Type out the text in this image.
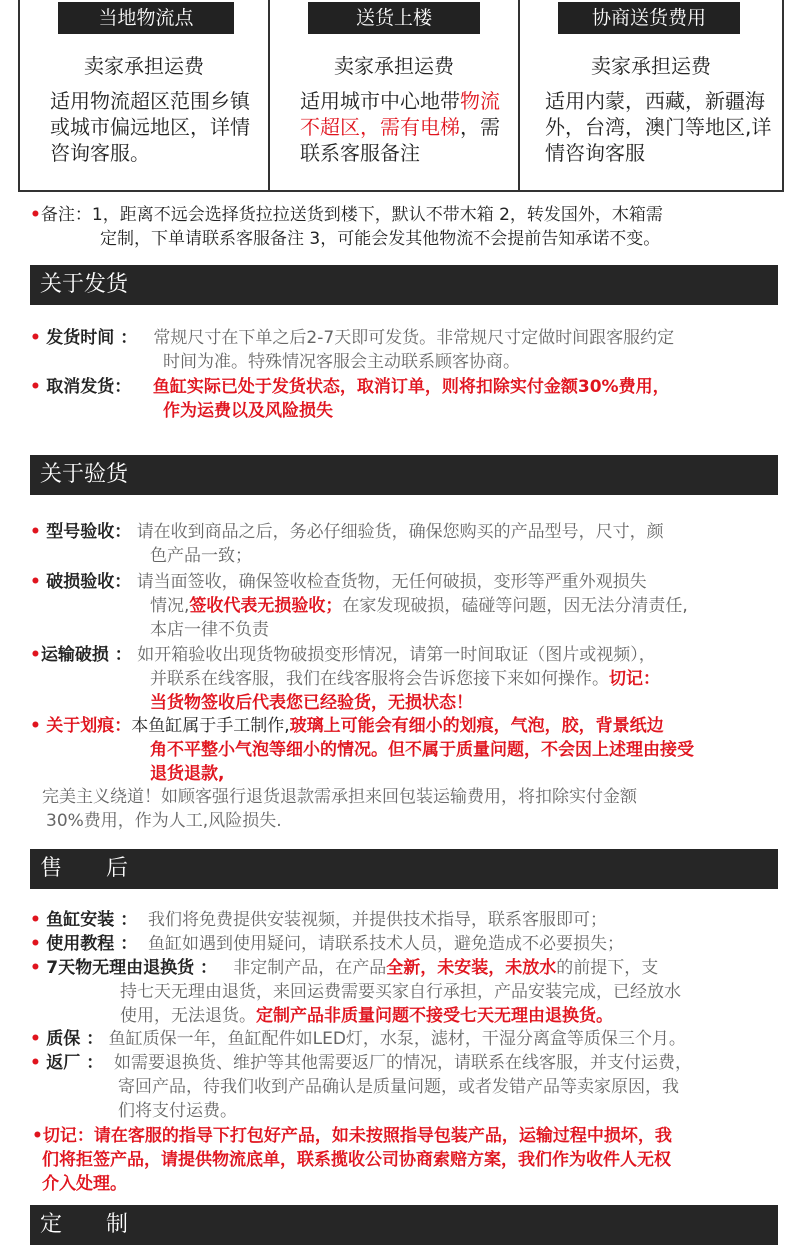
当地物流点
卖家承担运费
适用物流超区范围乡镇或城市偏远地区，详情咨询客服。
送货上楼
卖家承担运费
适用城市中心地带物流不超区，需有电梯，需联系客服备注
协商送货费用
卖家承担运费
适用内蒙，西藏，新疆海外，台湾，澳门等地区,详情咨询客服
•备注：1，距离不远会选择货拉拉送货到楼下，默认不带木箱 2，转发国外，木箱需
定制，下单请联系客服备注 3，可能会发其他物流不会提前告知承诺不变。
关于发货
• 发货时间 ： 常规尺寸在下单之后2-7天即可发货。非常规尺寸定做时间跟客服约定
时间为准。特殊情况客服会主动联系顾客协商。
• 取消发货： 鱼缸实际已处于发货状态，取消订单，则将扣除实付金额30%费用，
作为运费以及风险损失
关于验货
• 型号验收： 请在收到商品之后，务必仔细验货，确保您购买的产品型号，尺寸，颜
色产品一致；
• 破损验收： 请当面签收，确保签收检查货物，无任何破损，变形等严重外观损失
情况,签收代表无损验收；在家发现破损，磕碰等问题，因无法分清责任,
本店一律不负责
•运输破损 ： 如开箱验收出现货物破损变形情况，请第一时间取证（图片或视频），
并联系在线客服，我们在线客服将会告诉您接下来如何操作。切记：
当货物签收后代表您已经验货，无损状态！
• 关于划痕：本鱼缸属于手工制作,玻璃上可能会有细小的划痕，气泡，胶，背景纸边
角不平整小气泡等细小的情况。但不属于质量问题，不会因上述理由接受
退货退款,
完美主义绕道！如顾客强行退货退款需承担来回包装运输费用，将扣除实付金额
30%费用，作为人工,风险损失.
售　　后
• 鱼缸安装 ： 我们将免费提供安装视频，并提供技术指导，联系客服即可；
• 使用教程 ： 鱼缸如遇到使用疑问，请联系技术人员，避免造成不必要损失；
• 7天物无理由退换货 ： 非定制产品，在产品全新，未安装，未放水的前提下，支
持七天无理由退货，来回运费需要买家自行承担，产品安装完成，已经放水
使用，无法退货。定制产品非质量问题不接受七天无理由退换货。
• 质保 ： 鱼缸质保一年，鱼缸配件如LED灯，水泵，滤材，干湿分离盒等质保三个月。
• 返厂 ： 如需要退换货、维护等其他需要返厂的情况，请联系在线客服，并支付运费，
寄回产品，待我们收到产品确认是质量问题，或者发错产品等卖家原因，我
们将支付运费。
•切记：请在客服的指导下打包好产品，如未按照指导包装产品，运输过程中损坏，我
们将拒签产品，请提供物流底单，联系揽收公司协商索赔方案，我们作为收件人无权
介入处理。
定　　制
